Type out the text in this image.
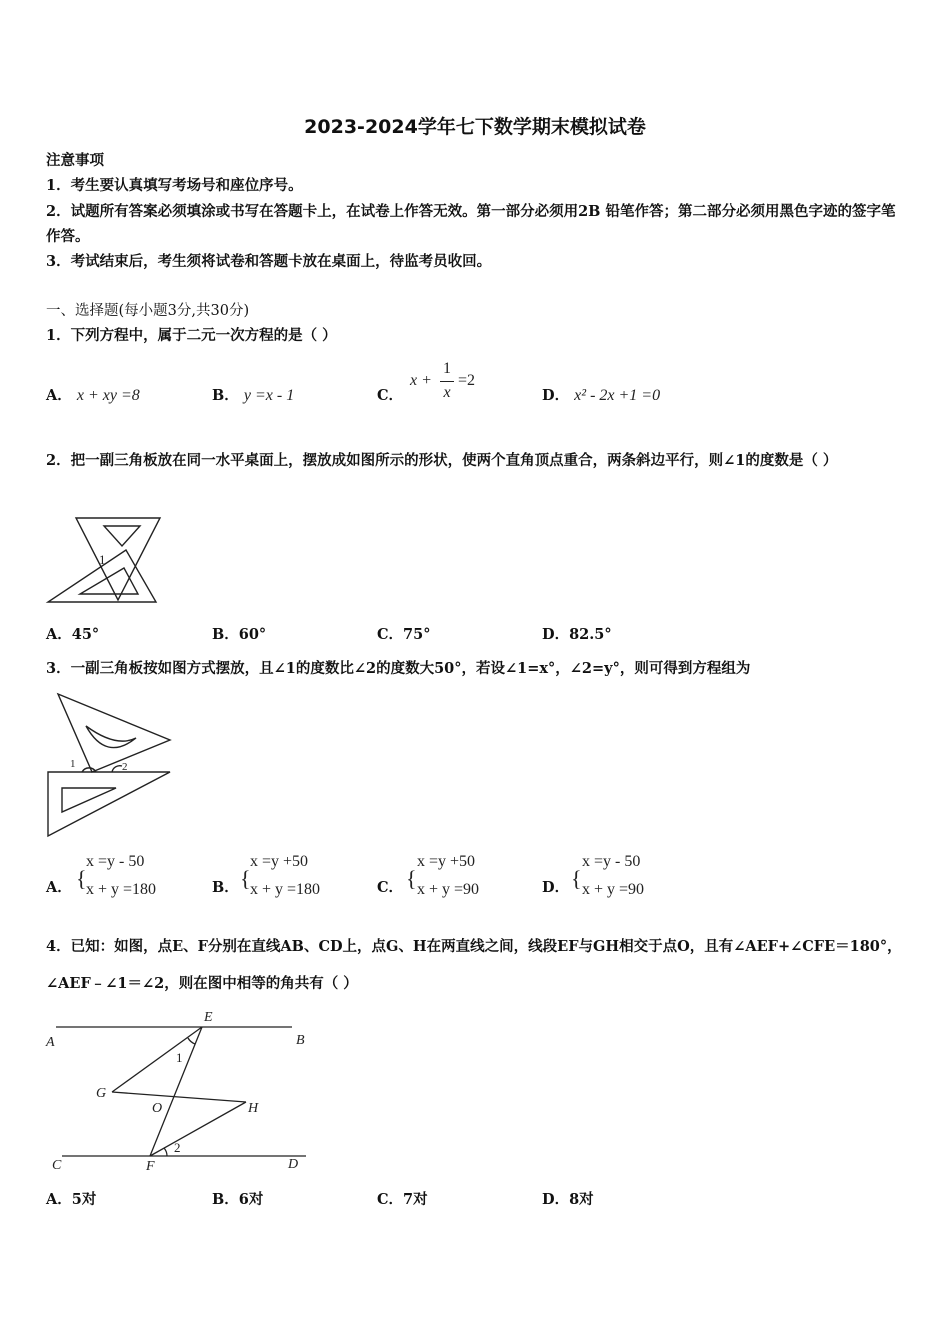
2023-2024学年七下数学期末模拟试卷
注意事项
1．考生要认真填写考场号和座位序号。
2．试题所有答案必须填涂或书写在答题卡上，在试卷上作答无效。第一部分必须用2B 铅笔作答；第二部分必须用黑色字迹的签字笔作答。
3．考试结束后，考生须将试卷和答题卡放在桌面上，待监考员收回。
一、选择题(每小题3分,共30分)
1．下列方程中，属于二元一次方程的是（ ）
A． x + xy =8	B． y =x - 1	C．
x +
1
x
=2
D． x² - 2x +1 =0
2．把一副三角板放在同一水平桌面上，摆放成如图所示的形状，使两个直角顶点重合，两条斜边平行，则∠1的度数是（ ）
1
A．45°	B．60°	C．75°	D．82.5°
3．一副三角板按如图方式摆放，且∠1的度数比∠2的度数大50°，若设∠1=x°，∠2=y°，则可得到方程组为
1	2
A． {
x =y - 50
x + y =180	B． {
x =y +50
x + y =180	C． {
x =y +50
x + y =90	D． {
x =y - 50
x + y =90
4．已知：如图，点E、F分别在直线AB、CD上，点G、H在两直线之间，线段EF与GH相交于点O，且有∠AEF+∠CFE＝180°，∠AEF﹣∠1＝∠2，则在图中相等的角共有（ ）
A	B
C	D
E
F
G
H
O
1
2
A．5对	B．6对	C．7对	D．8对
